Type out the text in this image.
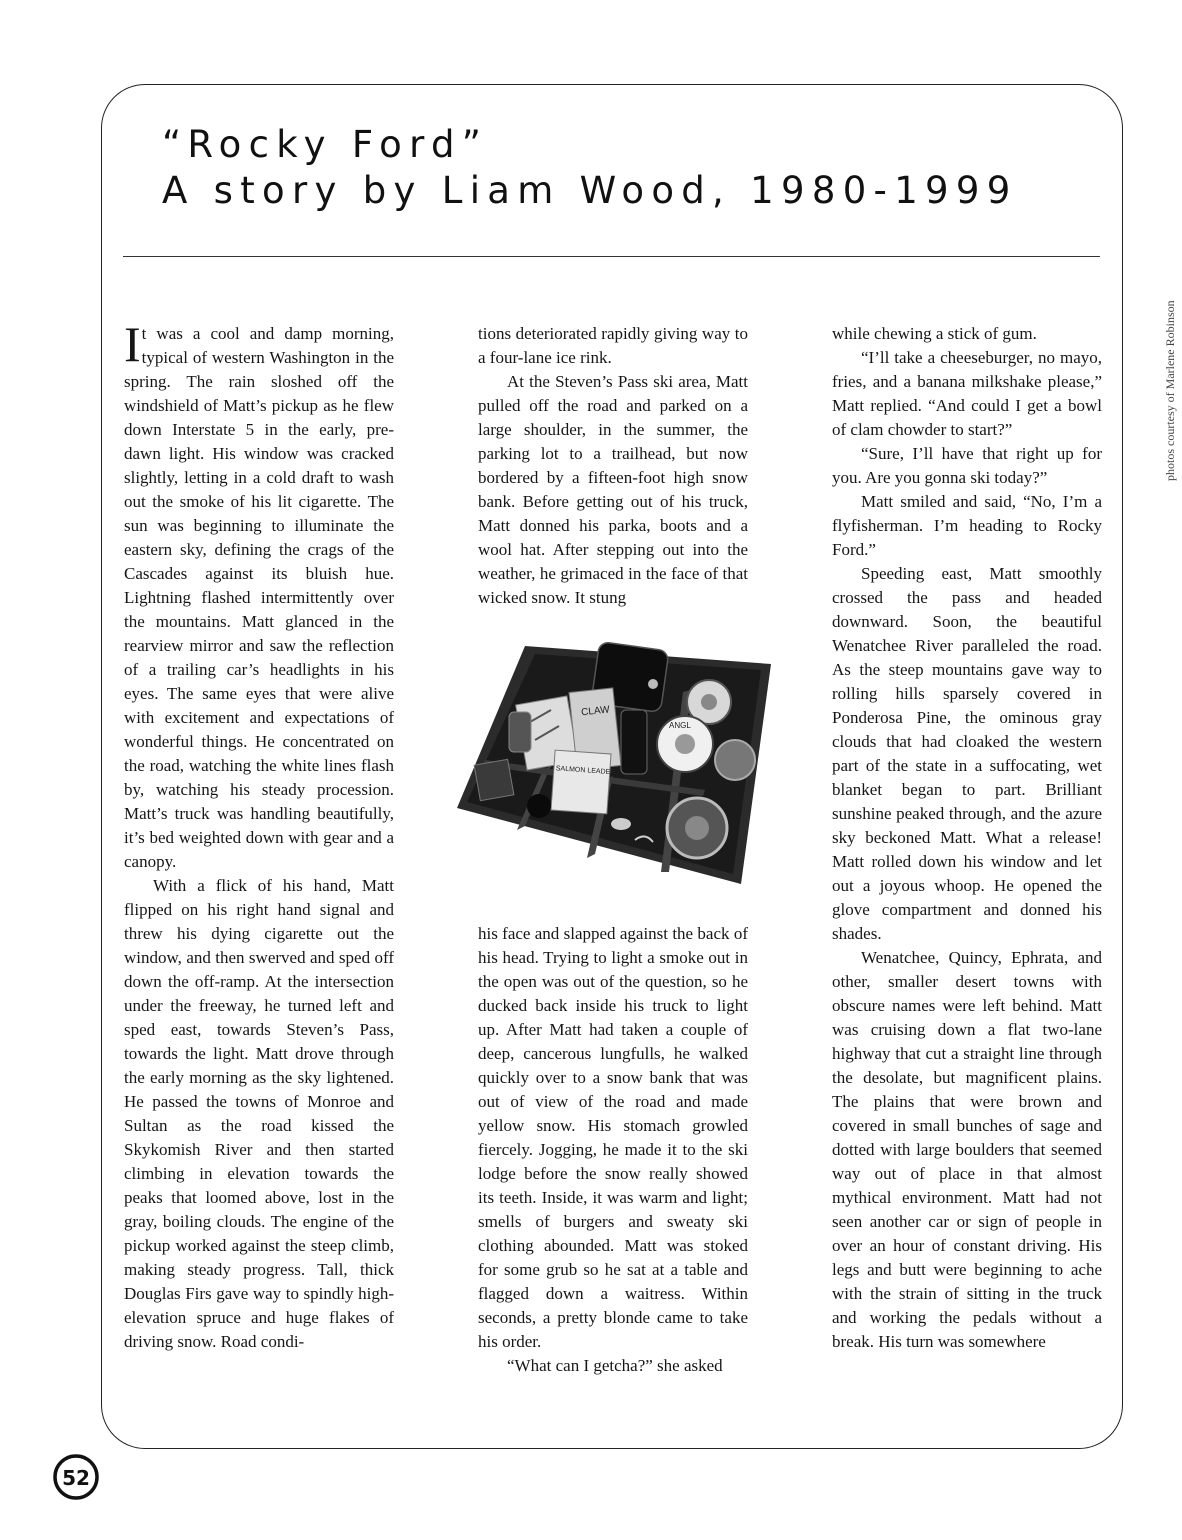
“Rocky Ford”
A story by Liam Wood, 1980-1999

It was a cool and damp morning, typical of western Washington in the spring. The rain sloshed off the windshield of Matt’s pickup as he flew down Interstate 5 in the early, pre-dawn light. His window was cracked slightly, letting in a cold draft to wash out the smoke of his lit cigarette. The sun was beginning to illuminate the eastern sky, defining the crags of the Cascades against its bluish hue. Lightning flashed intermittently over the mountains. Matt glanced in the rearview mirror and saw the reflection of a trailing car’s headlights in his eyes. The same eyes that were alive with excitement and expectations of wonderful things. He concentrated on the road, watching the white lines flash by, watching his steady procession. Matt’s truck was handling beautifully, it’s bed weighted down with gear and a canopy.

With a flick of his hand, Matt flipped on his right hand signal and threw his dying cigarette out the window, and then swerved and sped off down the off-ramp. At the intersection under the freeway, he turned left and sped east, towards Steven’s Pass, towards the light. Matt drove through the early morning as the sky lightened. He passed the towns of Monroe and Sultan as the road kissed the Skykomish River and then started climbing in elevation towards the peaks that loomed above, lost in the gray, boiling clouds. The engine of the pickup worked against the steep climb, making steady progress. Tall, thick Douglas Firs gave way to spindly high-elevation spruce and huge flakes of driving snow. Road condi-

tions deteriorated rapidly giving way to a four-lane ice rink.

At the Steven’s Pass ski area, Matt pulled off the road and parked on a large shoulder, in the summer, the parking lot to a trailhead, but now bordered by a fifteen-foot high snow bank. Before getting out of his truck, Matt donned his parka, boots and a wool hat. After stepping out into the weather, he grimaced in the face of that wicked snow. It stung

CLAW
SALMON LEADER
ANGL

his face and slapped against the back of his head. Trying to light a smoke out in the open was out of the question, so he ducked back inside his truck to light up. After Matt had taken a couple of deep, cancerous lungfulls, he walked quickly over to a snow bank that was out of view of the road and made yellow snow. His stomach growled fiercely. Jogging, he made it to the ski lodge before the snow really showed its teeth. Inside, it was warm and light; smells of burgers and sweaty ski clothing abounded. Matt was stoked for some grub so he sat at a table and flagged down a waitress. Within seconds, a pretty blonde came to take his order.

“What can I getcha?” she asked

while chewing a stick of gum.

“I’ll take a cheeseburger, no mayo, fries, and a banana milkshake please,” Matt replied. “And could I get a bowl of clam chowder to start?”

“Sure, I’ll have that right up for you. Are you gonna ski today?”

Matt smiled and said, “No, I’m a flyfisherman. I’m heading to Rocky Ford.”

Speeding east, Matt smoothly crossed the pass and headed downward. Soon, the beautiful Wenatchee River paralleled the road. As the steep mountains gave way to rolling hills sparsely covered in Ponderosa Pine, the ominous gray clouds that had cloaked the western part of the state in a suffocating, wet blanket began to part. Brilliant sunshine peaked through, and the azure sky beckoned Matt. What a release! Matt rolled down his window and let out a joyous whoop. He opened the glove compartment and donned his shades.

Wenatchee, Quincy, Ephrata, and other, smaller desert towns with obscure names were left behind. Matt was cruising down a flat two-lane highway that cut a straight line through the desolate, but magnificent plains. The plains that were brown and covered in small bunches of sage and dotted with large boulders that seemed way out of place in that almost mythical environment. Matt had not seen another car or sign of people in over an hour of constant driving. His legs and butt were beginning to ache with the strain of sitting in the truck and working the pedals without a break. His turn was somewhere

photos courtesy of Marlene Robinson
52
